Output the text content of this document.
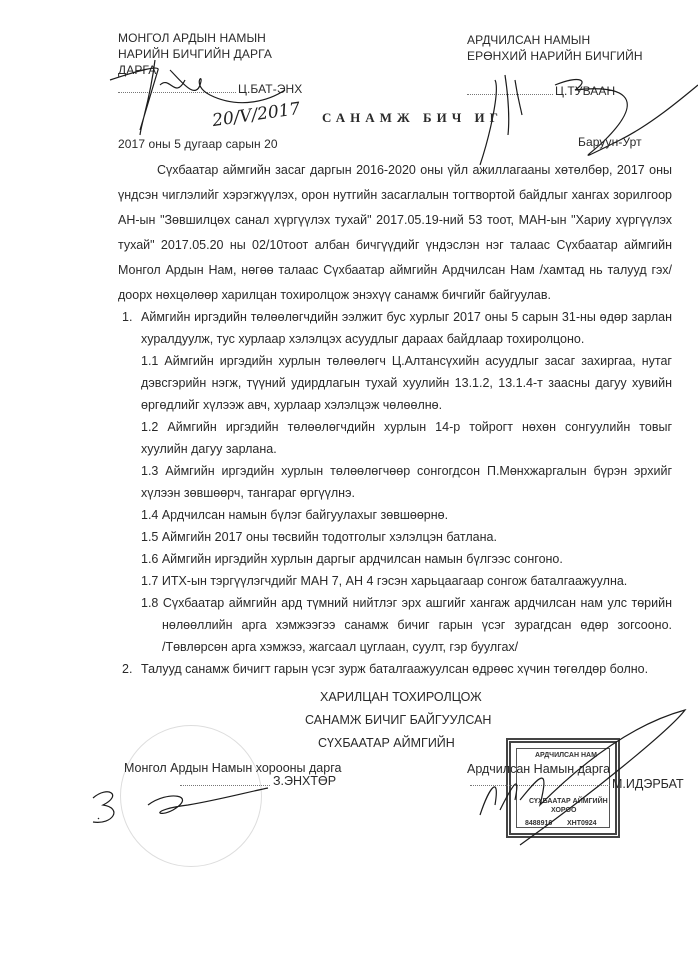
МОНГОЛ АРДЫН НАМЫН
НАРИЙН БИЧГИЙН ДАРГА
ДАРГА
Ц.БАТ-ЭНХ
20/V/2017
АРДЧИЛСАН НАМЫН
ЕРӨНХИЙ НАРИЙН БИЧГИЙН
Ц.ТУВААН
САНАМЖ БИЧ ИГ
2017 оны 5 дугаар сарын 20	Баруун-Урт
Сүхбаатар аймгийн засаг даргын 2016-2020 оны үйл ажиллагааны хөтөлбөр, 2017 оны
үндсэн чиглэлийг хэрэгжүүлэх, орон нутгийн засаглалын тогтвортой байдлыг хангах зорилгоор
АН-ын "Зөвшилцөх санал хүргүүлэх тухай" 2017.05.19-ний 53 тоот, МАН-ын "Хариу хүргүүлэх
тухай" 2017.05.20 ны 02/10тоот албан бичгүүдийг үндэслэн нэг талаас Сүхбаатар аймгийн
Монгол Ардын Нам, нөгөө талаас Сүхбаатар аймгийн Ардчилсан Нам /хамтад нь талууд гэх/
доорх нөхцөлөөр харилцан тохиролцож энэхүү санамж бичгийг байгуулав.
1. Аймгийн иргэдийн төлөөлөгчдийн ээлжит бус хурлыг 2017 оны 5 сарын 31-ны өдөр зарлан
хуралдуулж, тус хурлаар хэлэлцэх асуудлыг дараах байдлаар тохиролцоно.
1.1 Аймгийн иргэдийн хурлын төлөөлөгч Ц.Алтансүхийн асуудлыг засаг захиргаа, нутаг
дэвсгэрийн нэгж, түүний удирдлагын тухай хуулийн 13.1.2, 13.1.4-т заасны дагуу хувийн
өргөдлийг хүлээж авч, хурлаар хэлэлцэж чөлөөлнө.
1.2 Аймгийн иргэдийн төлөөлөгчдийн хурлын 14-р тойрогт нөхөн сонгуулийн товыг
хуулийн дагуу зарлана.
1.3 Аймгийн иргэдийн хурлын төлөөлөгчөөр сонгогдсон П.Мөнхжаргалын бүрэн эрхийг
хүлээн зөвшөөрч, тангараг өргүүлнэ.
1.4 Ардчилсан намын бүлэг байгуулахыг зөвшөөрнө.
1.5 Аймгийн 2017 оны төсвийн тодотголыг хэлэлцэн батлана.
1.6 Аймгийн иргэдийн хурлын даргыг ардчилсан намын бүлгээс сонгоно.
1.7 ИТХ-ын тэргүүлэгчдийг МАН 7, АН 4 гэсэн харьцаагаар сонгож баталгаажуулна.
1.8 Сүхбаатар аймгийн ард түмний нийтлэг эрх ашгийг хангаж ардчилсан нам улс төрийн
нөлөөллийн арга хэмжээгээ санамж бичиг гарын үсэг зурагдсан өдөр зогсооно.
/Төвлөрсөн арга хэмжээ, жагсаал цуглаан, суулт, гэр буулгах/
2. Талууд санамж бичигт гарын үсэг зурж баталгаажуулсан өдрөөс хүчин төгөлдөр болно.
ХАРИЛЦАН ТОХИРОЛЦОЖ
САНАМЖ БИЧИГ БАЙГУУЛСАН
СҮХБААТАР АЙМГИЙН
Монгол Ардын Намын хорооны дарга
З.ЭНХТӨР
АРДЧИЛСАН НАМ
СҮХБААТАР АЙМГИЙН
ХОРОО
8488916 ХНТ0924
Ардчилсан Намын дарга
М.ИДЭРБАТ
